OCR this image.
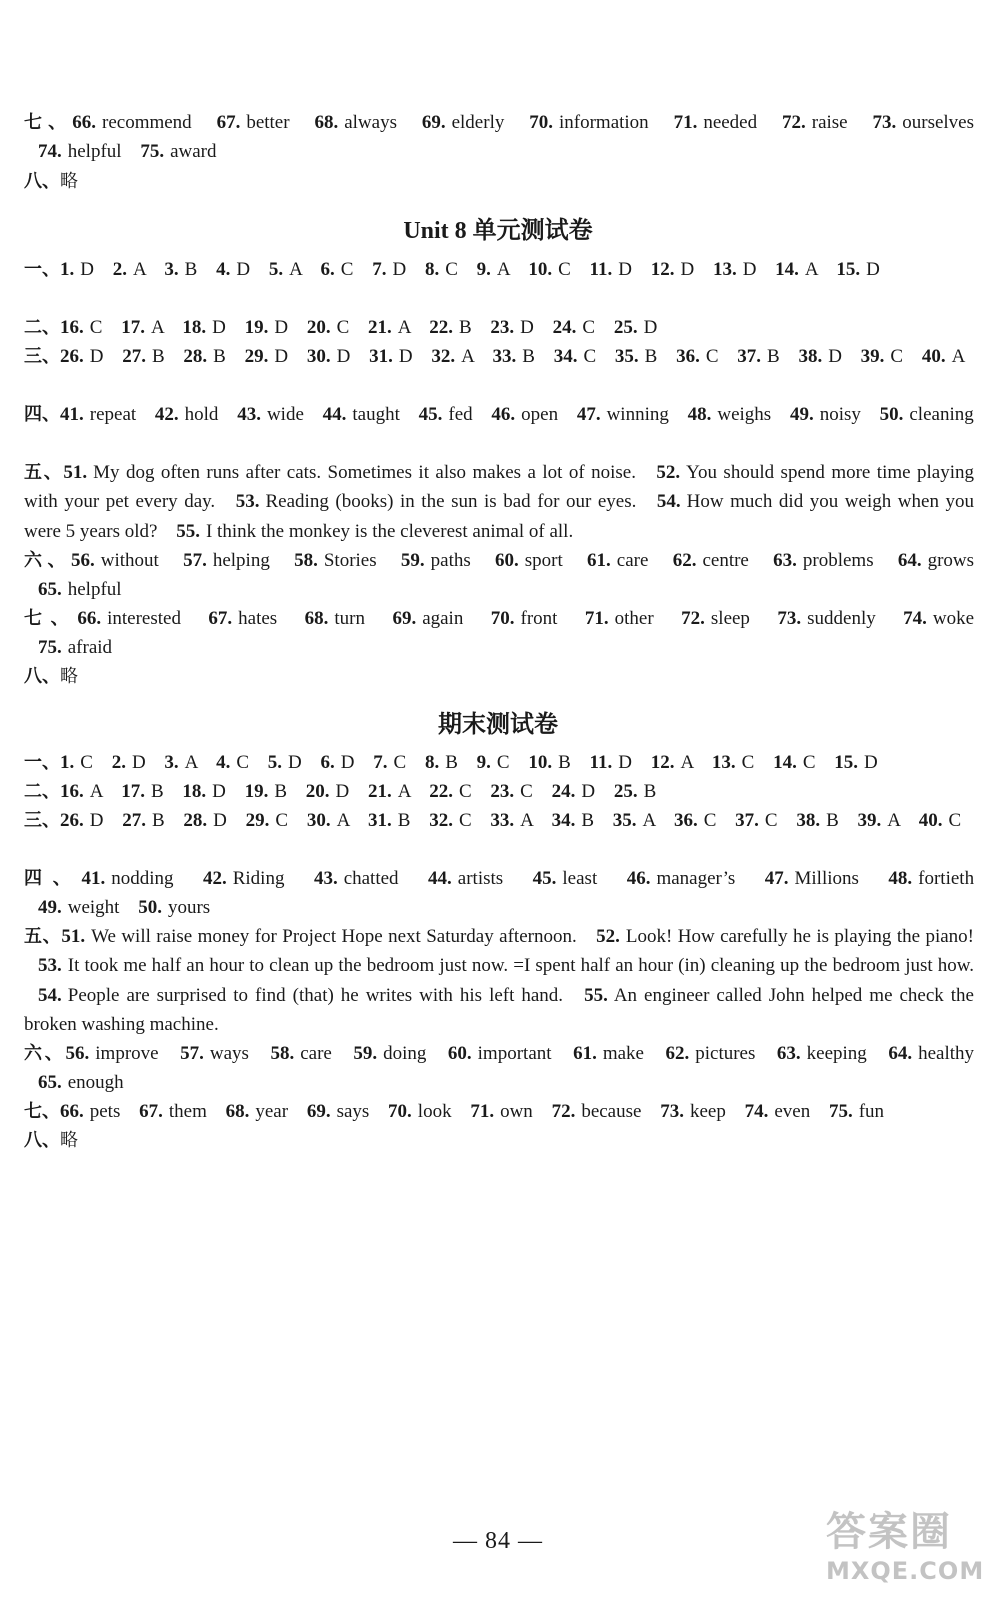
七、66. recommend 67. better 68. always 69. elderly 70. information 71. needed 72. raise 73. ourselves 74. helpful 75. award
八、略
Unit 8 单元测试卷
一、1. D 2. A 3. B 4. D 5. A 6. C 7. D 8. C 9. A 10. C 11. D 12. D 13. D 14. A 15. D
二、16. C 17. A 18. D 19. D 20. C 21. A 22. B 23. D 24. C 25. D
三、26. D 27. B 28. B 29. D 30. D 31. D 32. A 33. B 34. C 35. B 36. C 37. B 38. D 39. C 40. A
四、41. repeat 42. hold 43. wide 44. taught 45. fed 46. open 47. winning 48. weighs 49. noisy 50. cleaning
五、51. My dog often runs after cats. Sometimes it also makes a lot of noise. 52. You should spend more time playing with your pet every day. 53. Reading (books) in the sun is bad for our eyes. 54. How much did you weigh when you were 5 years old? 55. I think the monkey is the cleverest animal of all.
六、56. without 57. helping 58. Stories 59. paths 60. sport 61. care 62. centre 63. problems 64. grows 65. helpful
七、66. interested 67. hates 68. turn 69. again 70. front 71. other 72. sleep 73. suddenly 74. woke 75. afraid
八、略
期末测试卷
一、1. C 2. D 3. A 4. C 5. D 6. D 7. C 8. B 9. C 10. B 11. D 12. A 13. C 14. C 15. D
二、16. A 17. B 18. D 19. B 20. D 21. A 22. C 23. C 24. D 25. B
三、26. D 27. B 28. D 29. C 30. A 31. B 32. C 33. A 34. B 35. A 36. C 37. C 38. B 39. A 40. C
四、41. nodding 42. Riding 43. chatted 44. artists 45. least 46. manager’s 47. Millions 48. fortieth 49. weight 50. yours
五、51. We will raise money for Project Hope next Saturday afternoon. 52. Look! How carefully he is playing the piano! 53. It took me half an hour to clean up the bedroom just now. =I spent half an hour (in) cleaning up the bedroom just how. 54. People are surprised to find (that) he writes with his left hand. 55. An engineer called John helped me check the broken washing machine.
六、56. improve 57. ways 58. care 59. doing 60. important 61. make 62. pictures 63. keeping 64. healthy 65. enough
七、66. pets 67. them 68. year 69. says 70. look 71. own 72. because 73. keep 74. even 75. fun
八、略
— 84 —	答案圈
MXQE.COM
